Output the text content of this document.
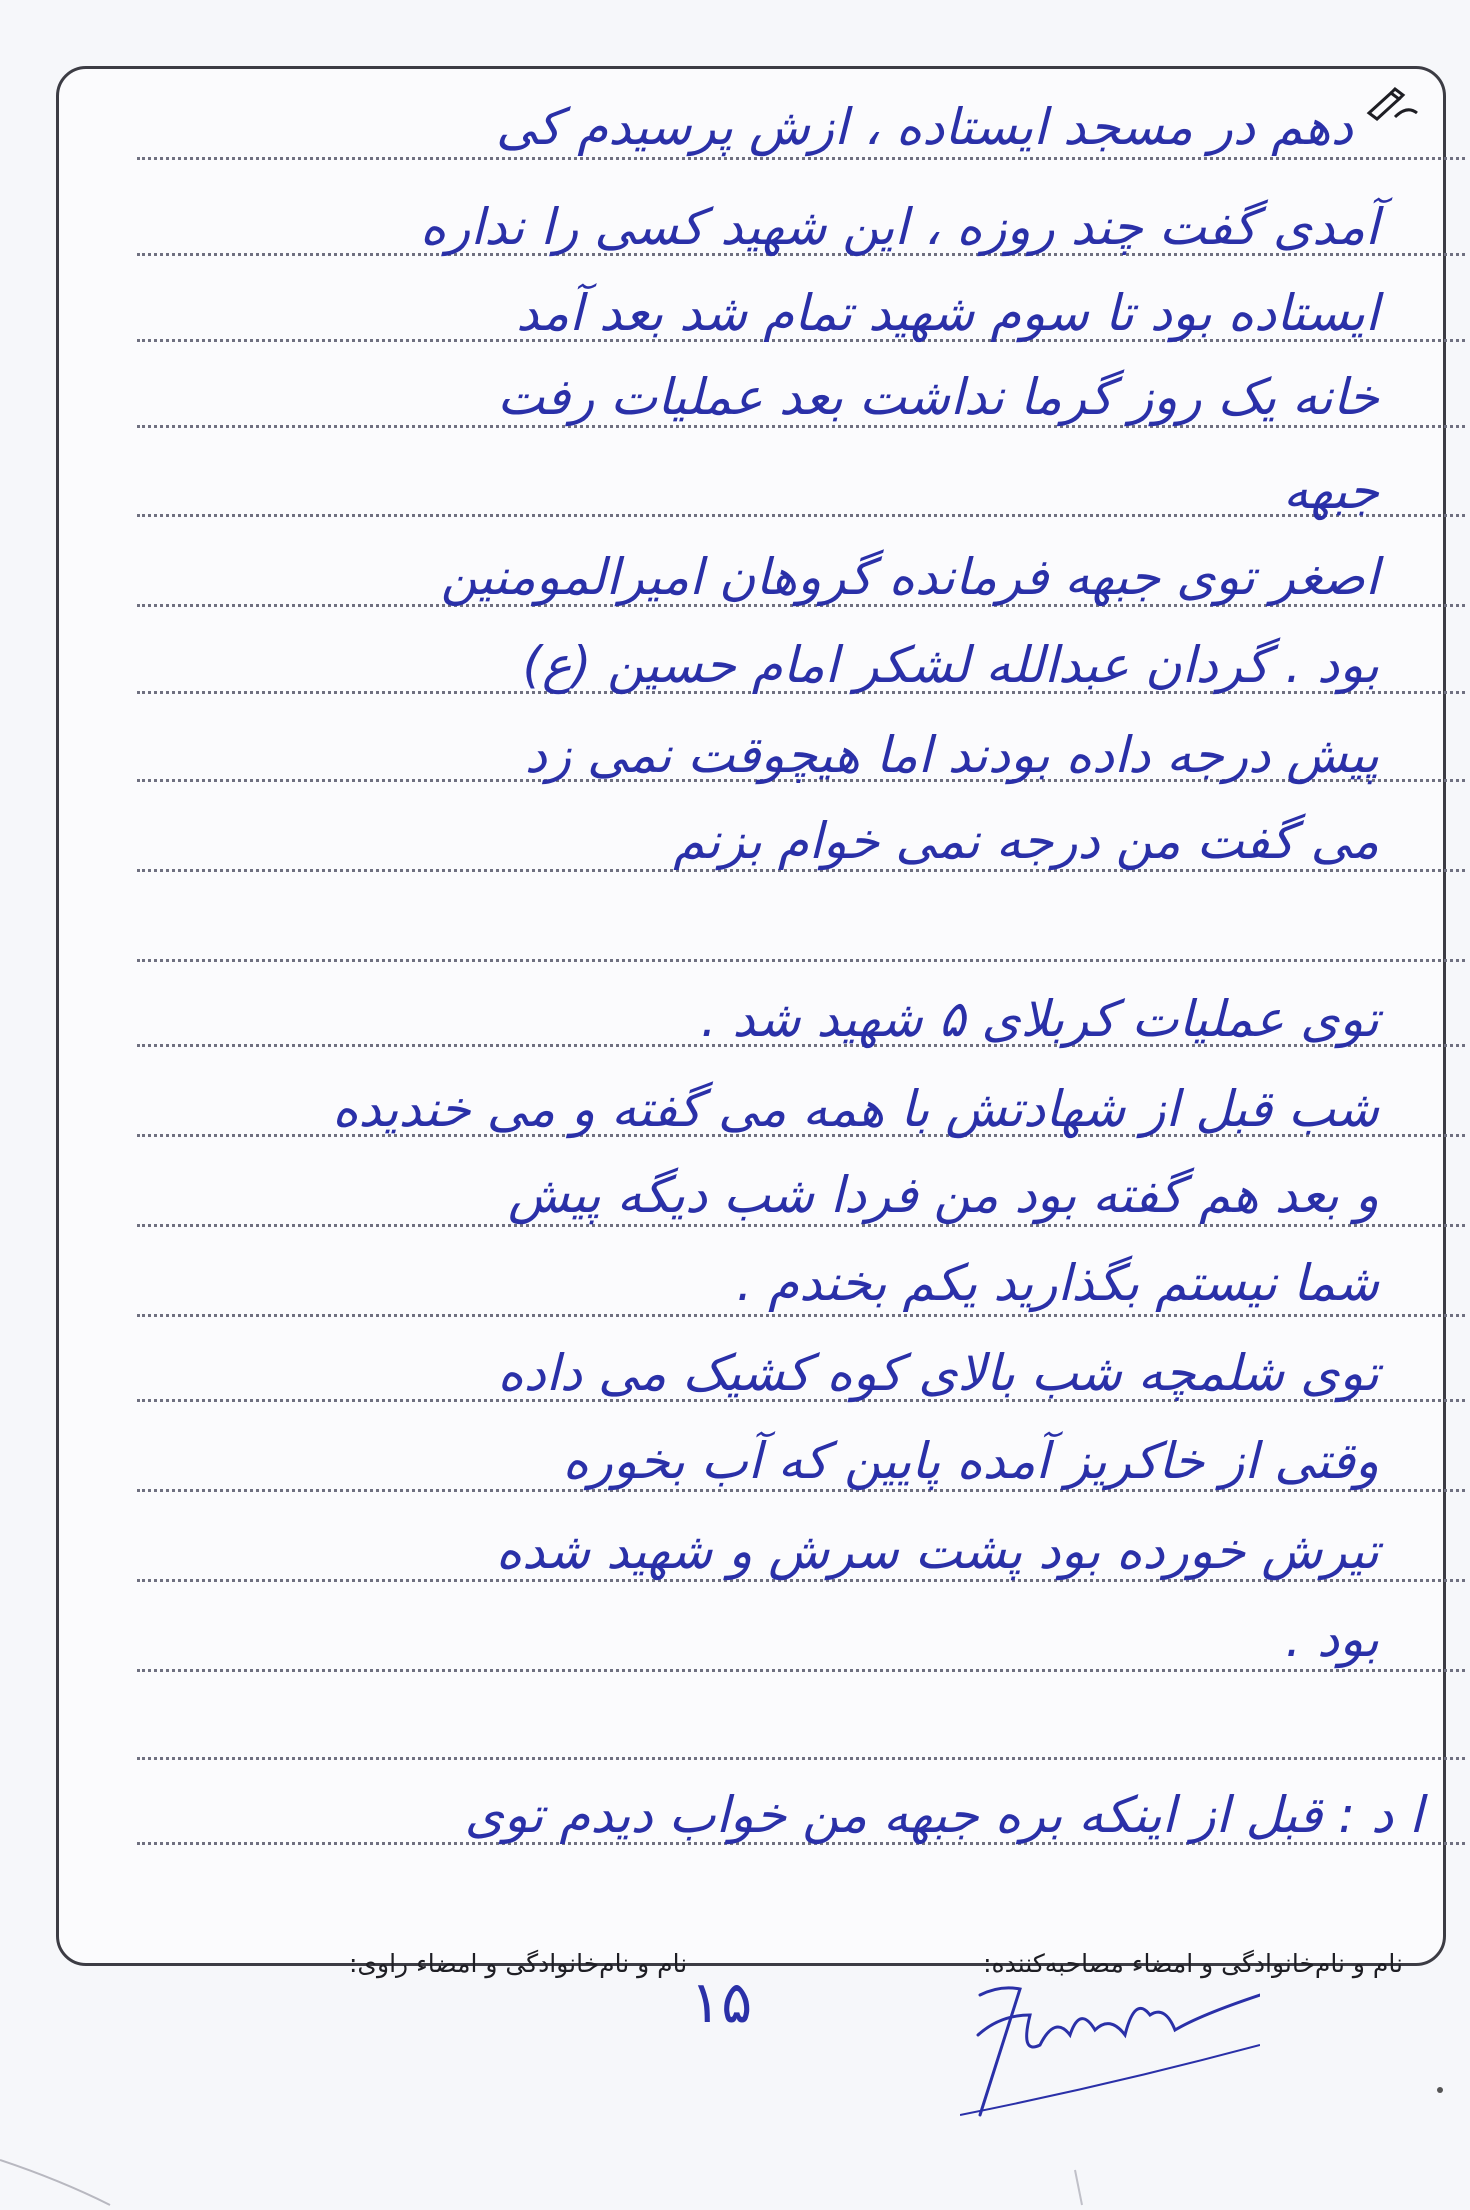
دهم در مسجد ایستاده ، ازش پرسیدم کی
آمدی گفت چند روزه ، این شهید کسی را نداره
ایستاده بود تا سوم شهید تمام شد بعد آمد
خانه یک روز گرما نداشت بعد عملیات رفت
جبهه
اصغر توی جبهه فرمانده گروهان امیرالمومنین
بود . گردان عبدالله لشکر امام حسین (ع)
پیش درجه داده بودند اما هیچوقت نمی زد
می گفت من درجه نمی خوام بزنم
توی عملیات کربلای ۵ شهید شد .
شب قبل از شهادتش با همه می گفته و می خندیده
و بعد هم گفته بود من فردا شب دیگه پیش
شما نیستم بگذارید یکم بخندم .
توی شلمچه شب بالای کوه کشیک می داده
وقتی از خاکریز آمده پایین که آب بخوره
تیرش خورده بود پشت سرش و شهید شده
بود .
ا د : قبل از اینکه بره جبهه من خواب دیدم توی
نام و نام‌خانوادگی و امضاء مصاحبه‌کننده:
نام و نام‌خانوادگی و امضاء راوی:
۱۵
